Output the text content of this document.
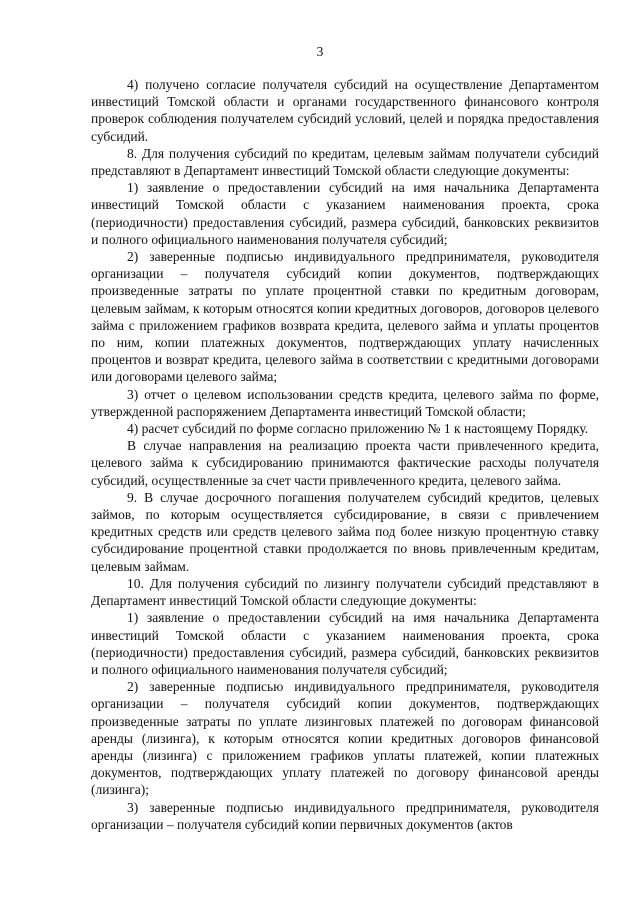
3

4) получено согласие получателя субсидий на осуществление Департаментом инвестиций Томской области и органами государственного финансового контроля проверок соблюдения получателем субсидий условий, целей и порядка предоставления субсидий.

8. Для получения субсидий по кредитам, целевым займам получатели субсидий представляют в Департамент инвестиций Томской области следующие документы:

1) заявление о предоставлении субсидий на имя начальника Департамента инвестиций Томской области с указанием наименования проекта, срока (периодичности) предоставления субсидий, размера субсидий, банковских реквизитов и полного официального наименования получателя субсидий;

2) заверенные подписью индивидуального предпринимателя, руководителя организации – получателя субсидий копии документов, подтверждающих произведенные затраты по уплате процентной ставки по кредитным договорам, целевым займам, к которым относятся копии кредитных договоров, договоров целевого займа с приложением графиков возврата кредита, целевого займа и уплаты процентов по ним, копии платежных документов, подтверждающих уплату начисленных процентов и возврат кредита, целевого займа в соответствии с кредитными договорами или договорами целевого займа;

3) отчет о целевом использовании средств кредита, целевого займа по форме, утвержденной распоряжением Департамента инвестиций Томской области;

4) расчет субсидий по форме согласно приложению № 1 к настоящему Порядку.

В случае направления на реализацию проекта части привлеченного кредита, целевого займа к субсидированию принимаются фактические расходы получателя субсидий, осуществленные за счет части привлеченного кредита, целевого займа.

9. В случае досрочного погашения получателем субсидий кредитов, целевых займов, по которым осуществляется субсидирование, в связи с привлечением кредитных средств или средств целевого займа под более низкую процентную ставку субсидирование процентной ставки продолжается по вновь привлеченным кредитам, целевым займам.

10. Для получения субсидий по лизингу получатели субсидий представляют в Департамент инвестиций Томской области следующие документы:

1) заявление о предоставлении субсидий на имя начальника Департамента инвестиций Томской области с указанием наименования проекта, срока (периодичности) предоставления субсидий, размера субсидий, банковских реквизитов и полного официального наименования получателя субсидий;

2) заверенные подписью индивидуального предпринимателя, руководителя организации – получателя субсидий копии документов, подтверждающих произведенные затраты по уплате лизинговых платежей по договорам финансовой аренды (лизинга), к которым относятся копии кредитных договоров финансовой аренды (лизинга) с приложением графиков уплаты платежей, копии платежных документов, подтверждающих уплату платежей по договору финансовой аренды (лизинга);

3) заверенные подписью индивидуального предпринимателя, руководителя организации – получателя субсидий копии первичных документов (актов
